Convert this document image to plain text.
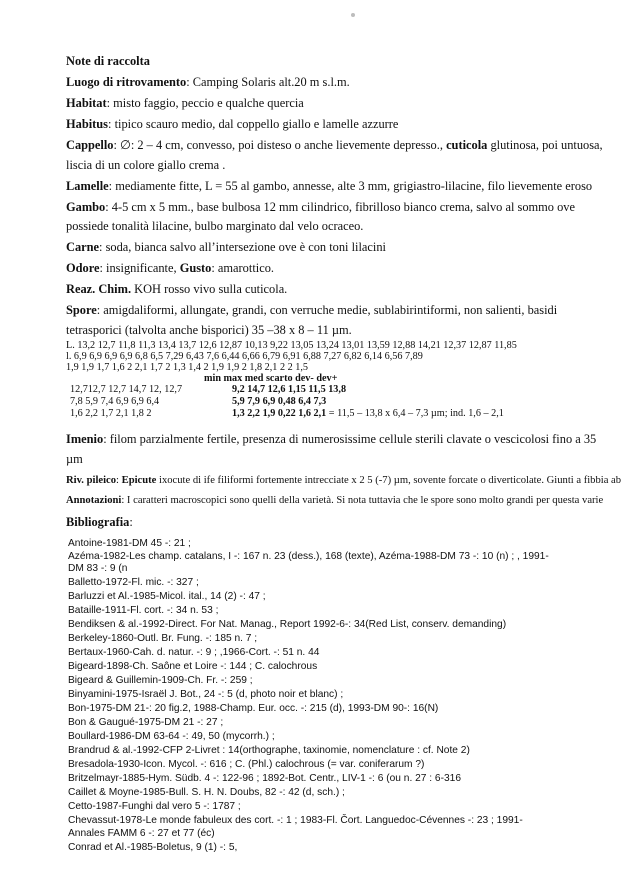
Note di raccolta
Luogo di ritrovamento: Camping Solaris alt.20 m s.l.m.
Habitat: misto faggio, peccio e qualche quercia
Habitus: tipico scauro medio, dal coppello giallo e lamelle azzurre
Cappello: ∅: 2 – 4 cm, convesso, poi disteso o anche lievemente depresso., cuticola glutinosa, poi untuosa,
liscia di un colore giallo crema .
Lamelle: mediamente fitte, L = 55 al gambo, annesse, alte 3 mm, grigiastro-lilacine, filo lievemente eroso
Gambo: 4-5 cm x 5 mm., base bulbosa 12 mm cilindrico, fibrilloso bianco crema, salvo al sommo ove
possiede tonalità lilacine, bulbo marginato dal velo ocraceo.
Carne: soda, bianca salvo all’intersezione ove è con toni lilacini
Odore: insignificante, Gusto: amarottico.
Reaz. Chim. KOH rosso vivo sulla cuticola.
Spore: amigdaliformi, allungate, grandi, con verruche medie, sublabirintiformi, non salienti, basidi
tetrasporici (talvolta anche bisporici) 35 –38 x 8 – 11 µm.
L. 13,2 12,7 11,8 11,3 13,4 13,7 12,6 12,87 10,13 9,22 13,05 13,24 13,01 13,59 12,88 14,21 12,37 12,87 11,85
l. 6,9 6,9 6,9 6,9 6,8 6,5 7,29 6,43 7,6 6,44 6,66 6,79 6,91 6,88 7,27 6,82 6,14 6,56 7,89
1,9 1,9 1,7 1,6 2 2,1 1,7 2 1,3 1,4 2 1,9 1,9 2 1,8 2,1 2 2 1,5
min max med scarto dev- dev+
12,712,7 12,7 14,7 12, 12,7	9,2 14,7 12,6 1,15 11,5 13,8
7,8 5,9 7,4 6,9 6,9 6,4	5,9 7,9 6,9 0,48 6,4 7,3
1,6 2,2 1,7 2,1 1,8 2	1,3 2,2 1,9 0,22 1,6 2,1 = 11,5 – 13,8 x 6,4 – 7,3 µm; ind. 1,6 – 2,1
Imenio: filom parzialmente fertile, presenza di numerosissime cellule sterili clavate o vescicolosi fino a 35
µm
Riv. pileico: Epicute ixocute di ife filiformi fortemente intrecciate x 2 5 (-7) µm, sovente forcate o diverticolate. Giunti a fibbia ab
Annotazioni: I caratteri macroscopici sono quelli della varietà. Si nota tuttavia che le spore sono molto grandi per questa varie
Bibliografia:
Antoine-1981-DM 45 -: 21 ;
Azéma-1982-Les champ. catalans, I -: 167 n. 23 (dess.), 168 (texte), Azéma-1988-DM 73 -: 10 (n) ; , 1991-
DM 83 -: 9 (n
Balletto-1972-Fl. mic. -: 327 ;
Barluzzi et Al.-1985-Micol. ital., 14 (2) -: 47 ;
Bataille-1911-Fl. cort. -: 34 n. 53 ;
Bendiksen & al.-1992-Direct. For Nat. Manag., Report 1992-6-: 34(Red List, conserv. demanding)
Berkeley-1860-Outl. Br. Fung. -: 185 n. 7 ;
Bertaux-1960-Cah. d. natur. -: 9 ; ,1966-Cort. -: 51 n. 44
Bigeard-1898-Ch. Saône et Loire -: 144 ; C. calochrous
Bigeard & Guillemin-1909-Ch. Fr. -: 259 ;
Binyamini-1975-Israël J. Bot., 24 -: 5 (d, photo noir et blanc) ;
Bon-1975-DM 21-: 20 fig.2, 1988-Champ. Eur. occ. -: 215 (d), 1993-DM 90-: 16(N)
Bon & Gaugué-1975-DM 21 -: 27 ;
Boullard-1986-DM 63-64 -: 49, 50 (mycorrh.) ;
Brandrud & al.-1992-CFP 2-Livret : 14(orthographe, taxinomie, nomenclature : cf. Note 2)
Bresadola-1930-Icon. Mycol. -: 616 ; C. (Phl.) calochrous (= var. coniferarum ?)
Britzelmayr-1885-Hym. Südb. 4 -: 122-96 ; 1892-Bot. Centr., LIV-1 -: 6 (ou n. 27 : 6-316
Caillet & Moyne-1985-Bull. S. H. N. Doubs, 82 -: 42 (d, sch.) ;
Cetto-1987-Funghi dal vero 5 -: 1787 ;
Chevassut-1978-Le monde fabuleux des cort. -: 1 ; 1983-Fl. Čort. Languedoc-Cévennes -: 23 ; 1991-
Annales FAMM 6 -: 27 et 77 (éc)
Conrad et Al.-1985-Boletus, 9 (1) -: 5,
